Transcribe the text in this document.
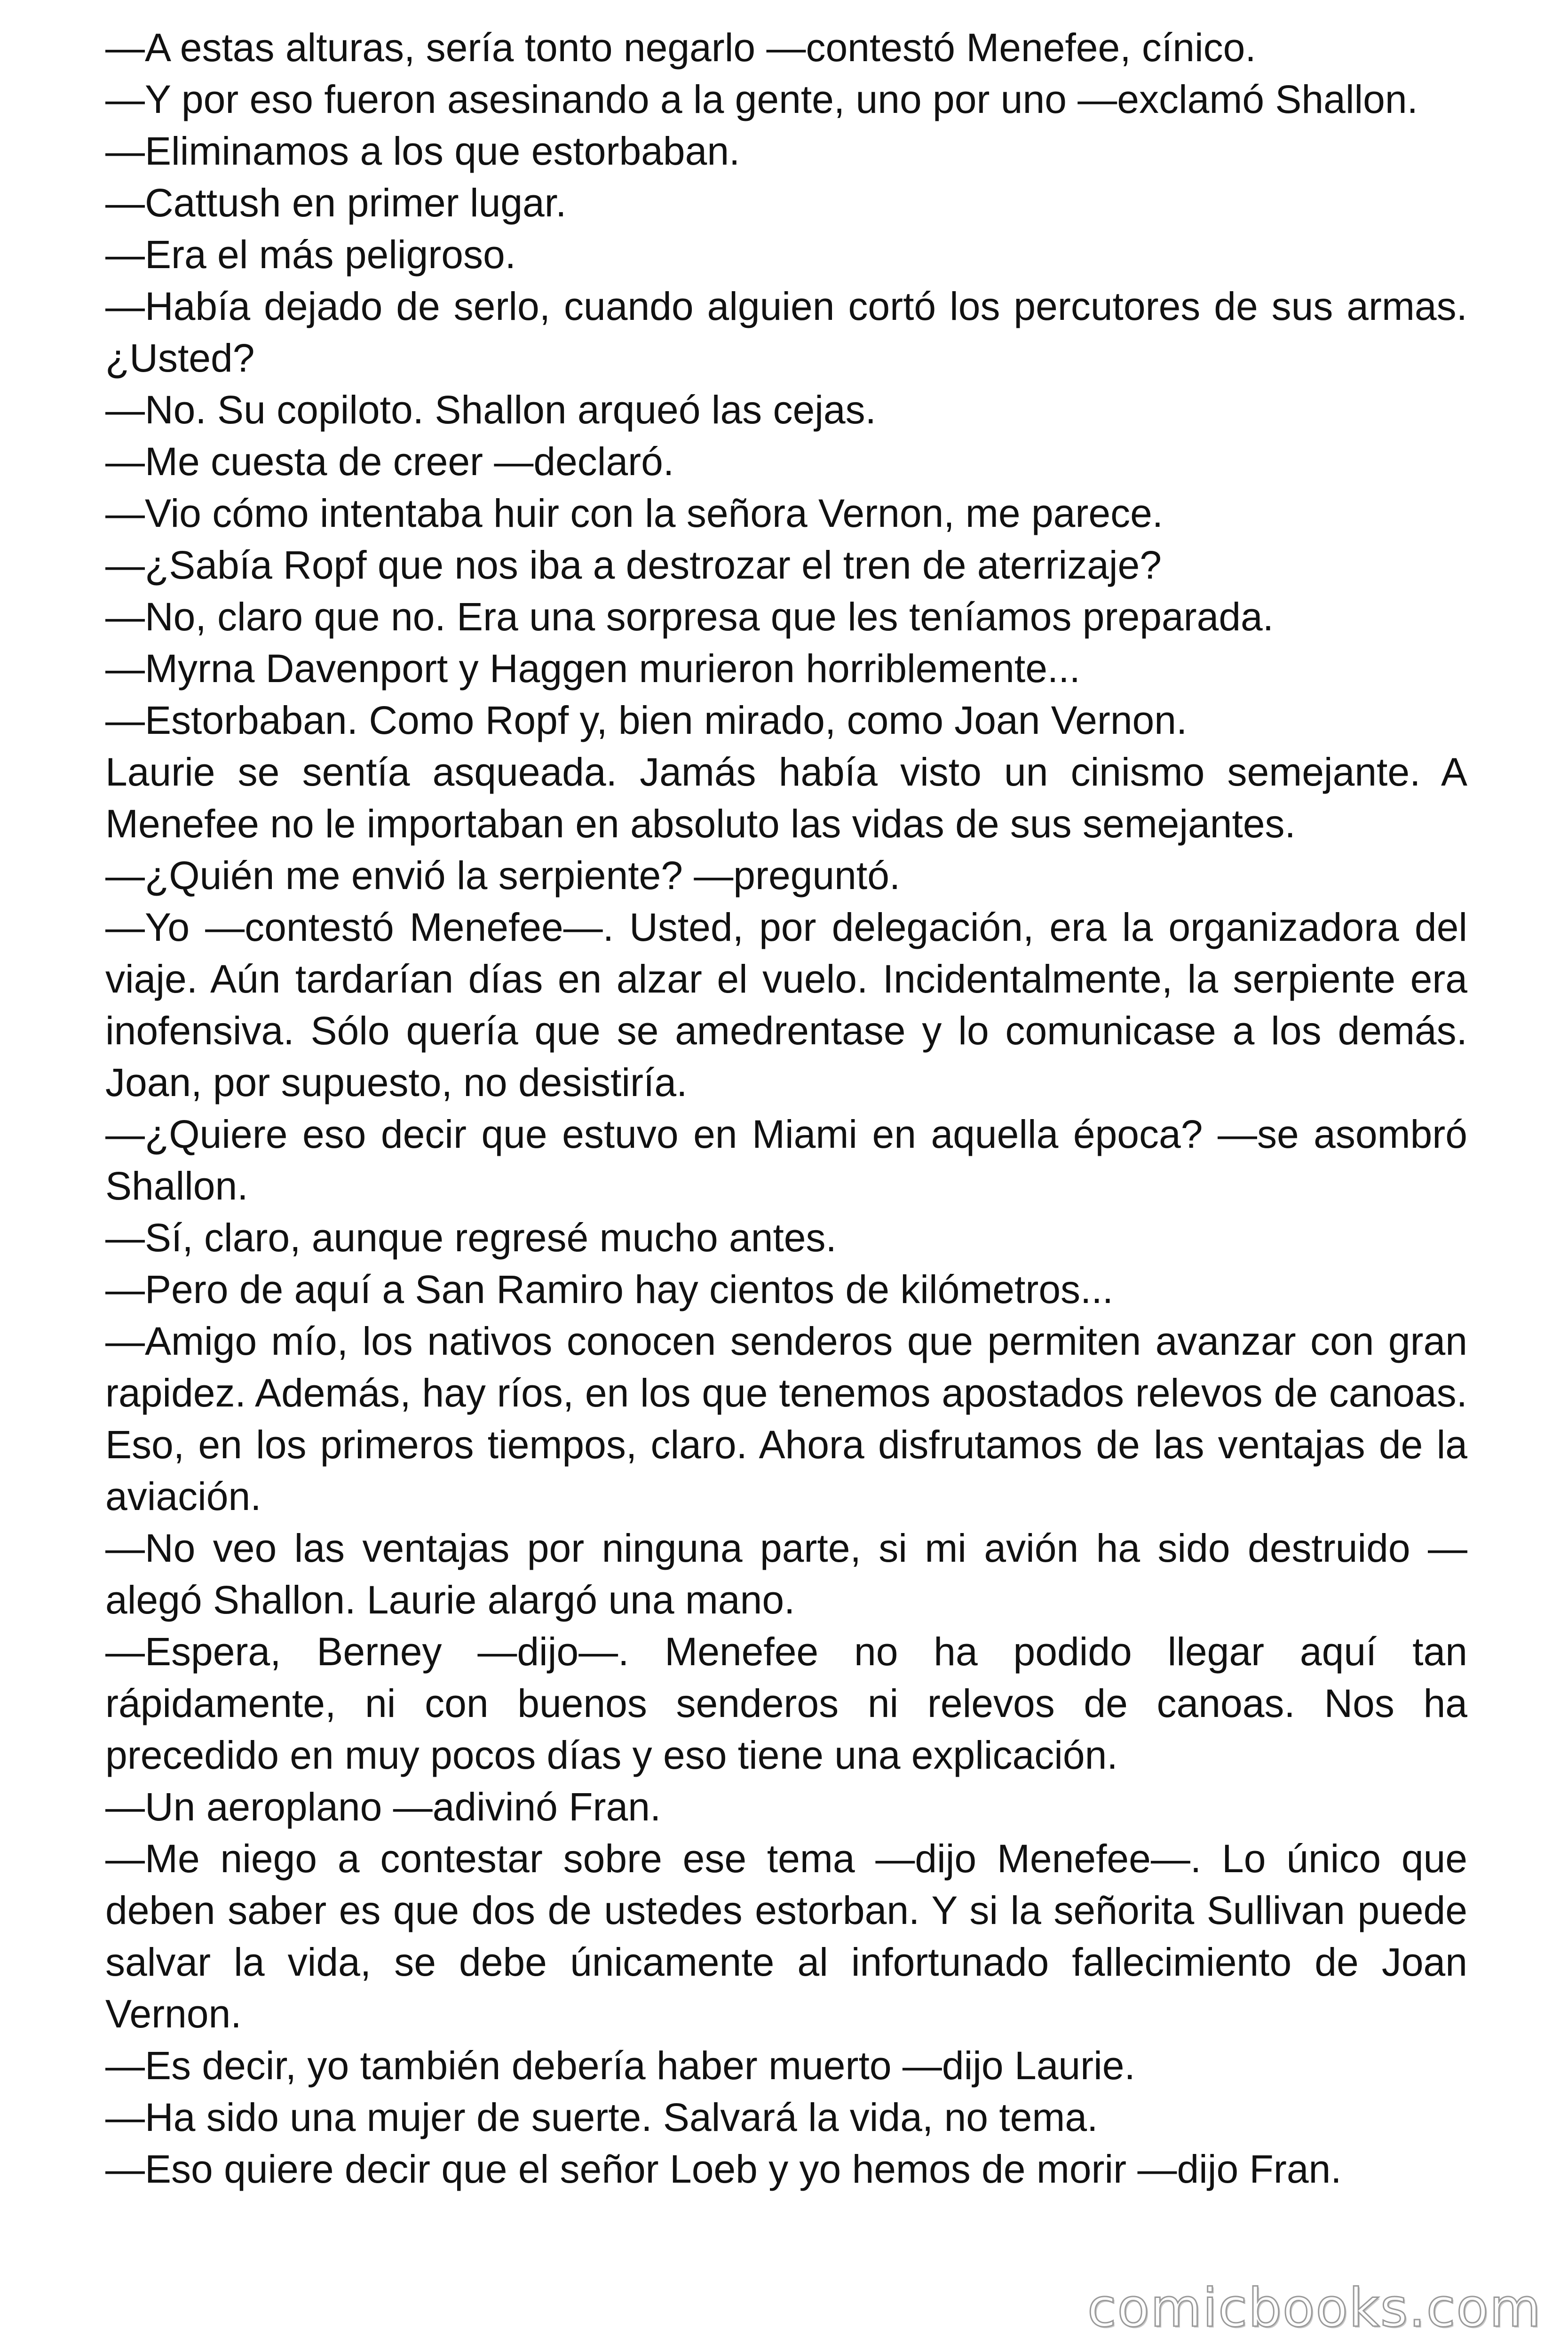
—A estas alturas, sería tonto negarlo —contestó Menefee, cínico.

—Y por eso fueron asesinando a la gente, uno por uno —exclamó Shallon.

—Eliminamos a los que estorbaban.

—Cattush en primer lugar.

—Era el más peligroso.

—Había dejado de serlo, cuando alguien cortó los percutores de sus armas. ¿Usted?

—No. Su copiloto. Shallon arqueó las cejas.

—Me cuesta de creer —declaró.

—Vio cómo intentaba huir con la señora Vernon, me parece.

—¿Sabía Ropf que nos iba a destrozar el tren de aterrizaje?

—No, claro que no. Era una sorpresa que les teníamos preparada.

—Myrna Davenport y Haggen murieron horriblemente...

—Estorbaban. Como Ropf y, bien mirado, como Joan Vernon.

Laurie se sentía asqueada. Jamás había visto un cinismo semejante. A Menefee no le importaban en absoluto las vidas de sus semejantes.

—¿Quién me envió la serpiente? —preguntó.

—Yo —contestó Menefee—. Usted, por delegación, era la organizadora del viaje. Aún tardarían días en alzar el vuelo. Incidentalmente, la serpiente era inofensiva. Sólo quería que se amedrentase y lo comunicase a los demás. Joan, por supuesto, no desistiría.

—¿Quiere eso decir que estuvo en Miami en aquella época? —se asombró Shallon.

—Sí, claro, aunque regresé mucho antes.

—Pero de aquí a San Ramiro hay cientos de kilómetros...

—Amigo mío, los nativos conocen senderos que permiten avanzar con gran rapidez. Además, hay ríos, en los que tenemos apostados relevos de canoas. Eso, en los primeros tiempos, claro. Ahora disfrutamos de las ventajas de la aviación.

—No veo las ventajas por ninguna parte, si mi avión ha sido destruido —alegó Shallon. Laurie alargó una mano.

—Espera, Berney —dijo—. Menefee no ha podido llegar aquí tan rápidamente, ni con buenos senderos ni relevos de canoas. Nos ha precedido en muy pocos días y eso tiene una explicación.

—Un aeroplano —adivinó Fran.

—Me niego a contestar sobre ese tema —dijo Menefee—. Lo único que deben saber es que dos de ustedes estorban. Y si la señorita Sullivan puede salvar la vida, se debe únicamente al infortunado fallecimiento de Joan Vernon.

—Es decir, yo también debería haber muerto —dijo Laurie.

—Ha sido una mujer de suerte. Salvará la vida, no tema.

—Eso quiere decir que el señor Loeb y yo hemos de morir —dijo Fran.

comicbooks.com
